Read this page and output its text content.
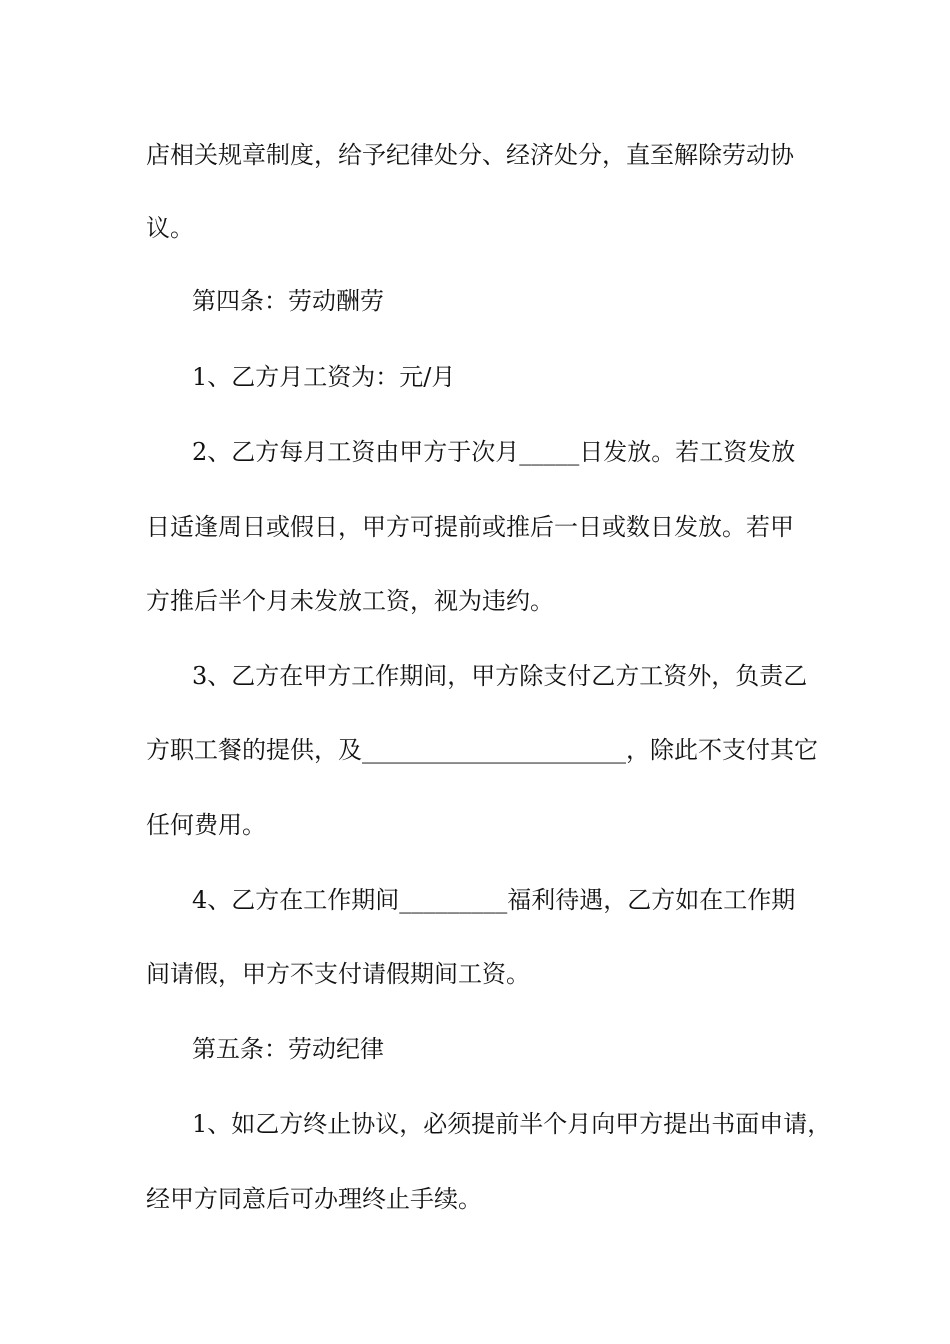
店相关规章制度，给予纪律处分、经济处分，直至解除劳动协
议。
第四条：劳动酬劳
1、乙方月工资为：元/月
2、乙方每月工资由甲方于次月_____日发放。若工资发放
日适逢周日或假日，甲方可提前或推后一日或数日发放。若甲
方推后半个月未发放工资，视为违约。
3、乙方在甲方工作期间，甲方除支付乙方工资外，负责乙
方职工餐的提供，及______________________，除此不支付其它
任何费用。
4、乙方在工作期间_________福利待遇，乙方如在工作期
间请假，甲方不支付请假期间工资。
第五条：劳动纪律
1、如乙方终止协议，必须提前半个月向甲方提出书面申请，
经甲方同意后可办理终止手续。
